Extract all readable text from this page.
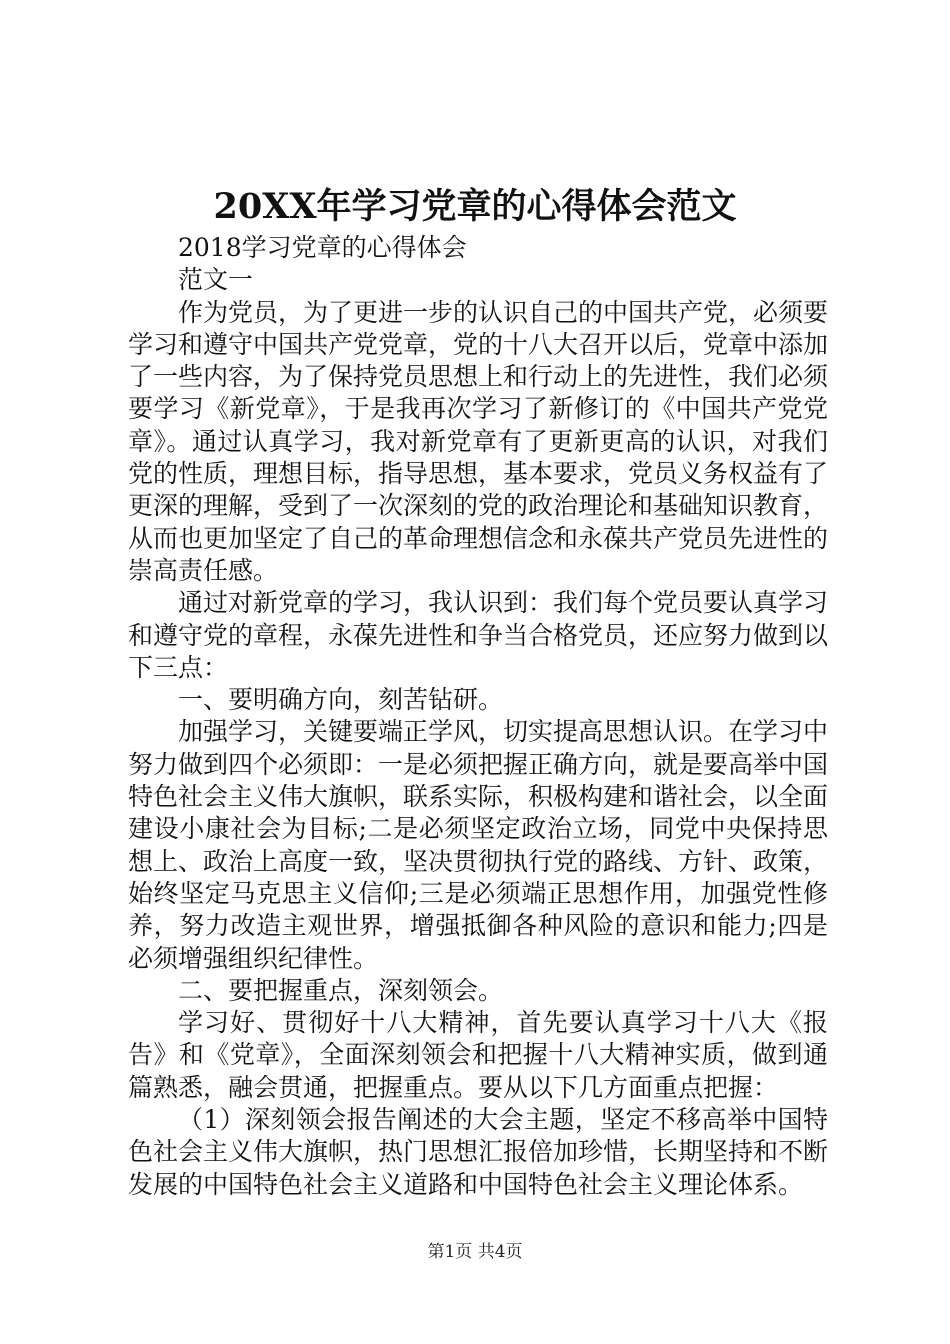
20XX年学习党章的心得体会范文

2018学习党章的心得体会

范文一

作为党员，为了更进一步的认识自己的中国共产党，必须要学习和遵守中国共产党党章，党的十八大召开以后，党章中添加了一些内容，为了保持党员思想上和行动上的先进性，我们必须要学习《新党章》，于是我再次学习了新修订的《中国共产党党章》。通过认真学习，我对新党章有了更新更高的认识，对我们党的性质，理想目标，指导思想，基本要求，党员义务权益有了更深的理解，受到了一次深刻的党的政治理论和基础知识教育，从而也更加坚定了自己的革命理想信念和永葆共产党员先进性的崇高责任感。

通过对新党章的学习，我认识到：我们每个党员要认真学习和遵守党的章程，永葆先进性和争当合格党员，还应努力做到以下三点：

一、要明确方向，刻苦钻研。

加强学习，关键要端正学风，切实提高思想认识。在学习中努力做到四个必须即：一是必须把握正确方向，就是要高举中国特色社会主义伟大旗帜，联系实际，积极构建和谐社会，以全面建设小康社会为目标;二是必须坚定政治立场，同党中央保持思想上、政治上高度一致，坚决贯彻执行党的路线、方针、政策，始终坚定马克思主义信仰;三是必须端正思想作用，加强党性修养，努力改造主观世界，增强抵御各种风险的意识和能力;四是必须增强组织纪律性。

二、要把握重点，深刻领会。

学习好、贯彻好十八大精神，首先要认真学习十八大《报告》和《党章》，全面深刻领会和把握十八大精神实质，做到通篇熟悉，融会贯通，把握重点。要从以下几方面重点把握：

（1）深刻领会报告阐述的大会主题，坚定不移高举中国特色社会主义伟大旗帜，热门思想汇报倍加珍惜，长期坚持和不断发展的中国特色社会主义道路和中国特色社会主义理论体系。

第1页 共4页
